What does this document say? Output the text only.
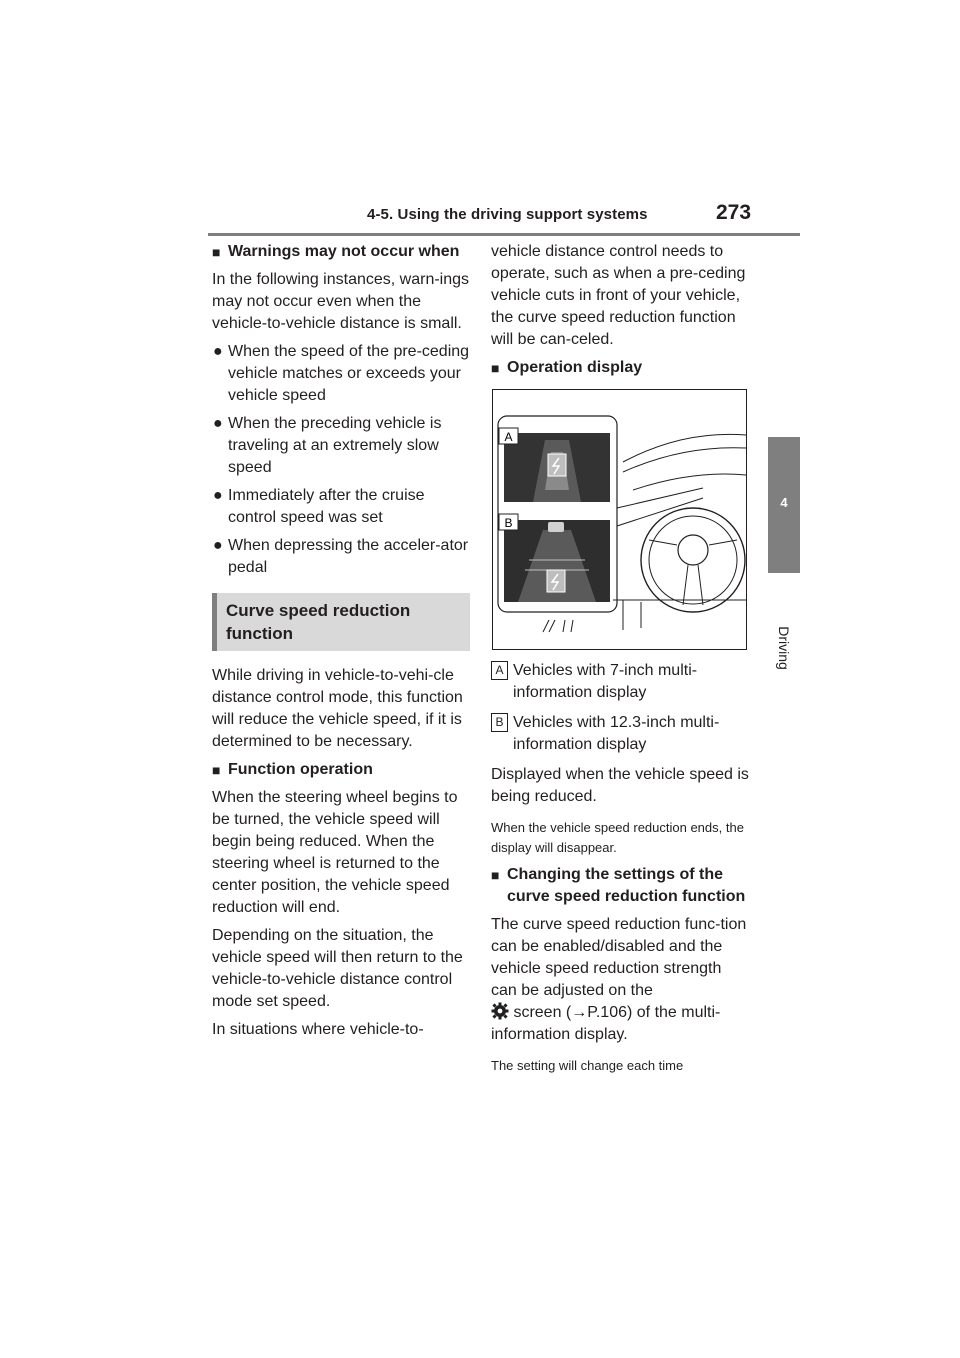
4-5. Using the driving support systems	273
4
Driving
■ Warnings may not occur when

In the following instances, warn-ings may not occur even when the vehicle-to-vehicle distance is small.

● When the speed of the pre-ceding vehicle matches or exceeds your vehicle speed
● When the preceding vehicle is traveling at an extremely slow speed
● Immediately after the cruise control speed was set
● When depressing the acceler-ator pedal
Curve speed reduction function

While driving in vehicle-to-vehi-cle distance control mode, this function will reduce the vehicle speed, if it is determined to be necessary.

■ Function operation

When the steering wheel begins to be turned, the vehicle speed will begin being reduced. When the steering wheel is returned to the center position, the vehicle speed reduction will end.

Depending on the situation, the vehicle speed will then return to the vehicle-to-vehicle distance control mode set speed.

In situations where vehicle-to-

vehicle distance control needs to operate, such as when a pre-ceding vehicle cuts in front of your vehicle, the curve speed reduction function will be can-celed.

■ Operation display
A
B
A Vehicles with 7-inch multi-information display
B Vehicles with 12.3-inch multi-information display

Displayed when the vehicle speed is being reduced.

When the vehicle speed reduction ends, the display will disappear.

■ Changing the settings of the curve speed reduction function

The curve speed reduction func-tion can be enabled/disabled and the vehicle speed reduction strength can be adjusted on the
screen (→P.106) of the multi-information display.

The setting will change each time
